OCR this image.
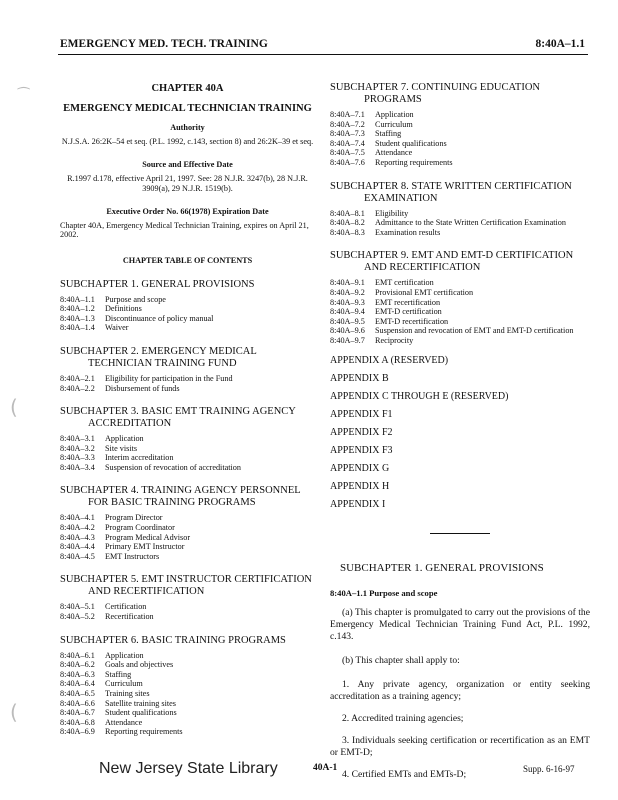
EMERGENCY MED. TECH. TRAINING	8:40A–1.1
⁀
(
(
CHAPTER 40A
EMERGENCY MEDICAL TECHNICIAN TRAINING
Authority
N.J.S.A. 26:2K–54 et seq. (P.L. 1992, c.143, section 8) and 26:2K–39 et seq.
Source and Effective Date
R.1997 d.178, effective April 21, 1997. See: 28 N.J.R. 3247(b), 28 N.J.R. 3909(a), 29 N.J.R. 1519(b).
Executive Order No. 66(1978) Expiration Date
Chapter 40A, Emergency Medical Technician Training, expires on April 21, 2002.
CHAPTER TABLE OF CONTENTS
SUBCHAPTER 1. GENERAL PROVISIONS
8:40A–1.1 Purpose and scope
8:40A–1.2 Definitions
8:40A–1.3 Discontinuance of policy manual
8:40A–1.4 Waiver
SUBCHAPTER 2. EMERGENCY MEDICAL
TECHNICIAN TRAINING FUND
8:40A–2.1 Eligibility for participation in the Fund
8:40A–2.2 Disbursement of funds
SUBCHAPTER 3. BASIC EMT TRAINING AGENCY
ACCREDITATION
8:40A–3.1 Application
8:40A–3.2 Site visits
8:40A–3.3 Interim accreditation
8:40A–3.4 Suspension of revocation of accreditation
SUBCHAPTER 4. TRAINING AGENCY PERSONNEL
FOR BASIC TRAINING PROGRAMS
8:40A–4.1 Program Director
8:40A–4.2 Program Coordinator
8:40A–4.3 Program Medical Advisor
8:40A–4.4 Primary EMT Instructor
8:40A–4.5 EMT Instructors
SUBCHAPTER 5. EMT INSTRUCTOR CERTIFICATION
AND RECERTIFICATION
8:40A–5.1 Certification
8:40A–5.2 Recertification
SUBCHAPTER 6. BASIC TRAINING PROGRAMS
8:40A–6.1 Application
8:40A–6.2 Goals and objectives
8:40A–6.3 Staffing
8:40A–6.4 Curriculum
8:40A–6.5 Training sites
8:40A–6.6 Satellite training sites
8:40A–6.7 Student qualifications
8:40A–6.8 Attendance
8:40A–6.9 Reporting requirements
SUBCHAPTER 7. CONTINUING EDUCATION
PROGRAMS
8:40A–7.1 Application
8:40A–7.2 Curriculum
8:40A–7.3 Staffing
8:40A–7.4 Student qualifications
8:40A–7.5 Attendance
8:40A–7.6 Reporting requirements
SUBCHAPTER 8. STATE WRITTEN CERTIFICATION
EXAMINATION
8:40A–8.1 Eligibility
8:40A–8.2 Admittance to the State Written Certification Examination
8:40A–8.3 Examination results
SUBCHAPTER 9. EMT AND EMT-D CERTIFICATION
AND RECERTIFICATION
8:40A–9.1 EMT certification
8:40A–9.2 Provisional EMT certification
8:40A–9.3 EMT recertification
8:40A–9.4 EMT-D certification
8:40A–9.5 EMT-D recertification
8:40A–9.6 Suspension and revocation of EMT and EMT-D certification
8:40A–9.7 Reciprocity
APPENDIX A (RESERVED)
APPENDIX B
APPENDIX C THROUGH E (RESERVED)
APPENDIX F1
APPENDIX F2
APPENDIX F3
APPENDIX G
APPENDIX H
APPENDIX I
SUBCHAPTER 1. GENERAL PROVISIONS
8:40A–1.1 Purpose and scope
(a) This chapter is promulgated to carry out the provisions of the Emergency Medical Technician Training Fund Act, P.L. 1992, c.143.
(b) This chapter shall apply to:
1. Any private agency, organization or entity seeking accreditation as a training agency;
2. Accredited training agencies;
3. Individuals seeking certification or recertification as an EMT or EMT-D;
4. Certified EMTs and EMTs-D;
New Jersey State Library	40A-1	Supp. 6-16-97
